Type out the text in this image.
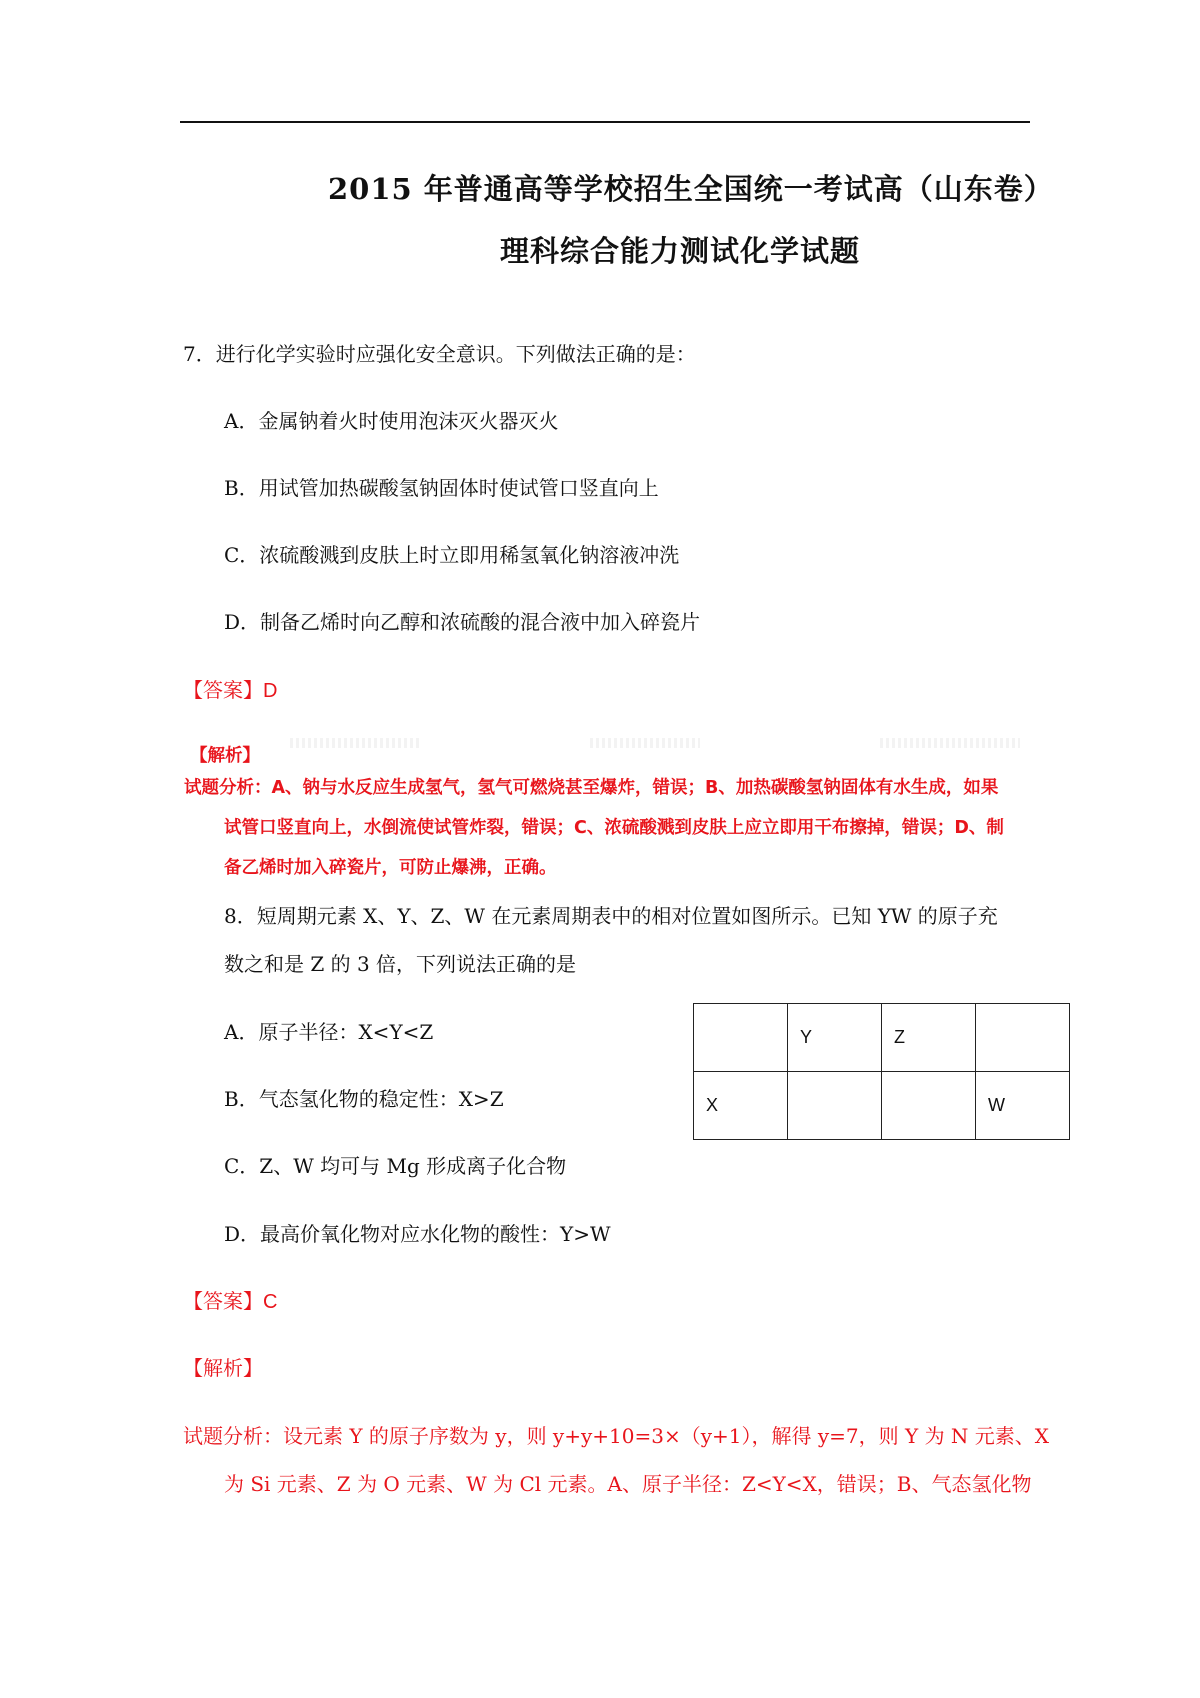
2015 年普通高等学校招生全国统一考试高（山东卷）
理科综合能力测试化学试题
7．进行化学实验时应强化安全意识。下列做法正确的是：
A．金属钠着火时使用泡沫灭火器灭火
B．用试管加热碳酸氢钠固体时使试管口竖直向上
C．浓硫酸溅到皮肤上时立即用稀氢氧化钠溶液冲洗
D．制备乙烯时向乙醇和浓硫酸的混合液中加入碎瓷片
【答案】D
【解析】
试题分析：A、钠与水反应生成氢气，氢气可燃烧甚至爆炸，错误；B、加热碳酸氢钠固体有水生成，如果
试管口竖直向上，水倒流使试管炸裂，错误；C、浓硫酸溅到皮肤上应立即用干布擦掉，错误；D、制
备乙烯时加入碎瓷片，可防止爆沸，正确。
8．短周期元素 X、Y、Z、W 在元素周期表中的相对位置如图所示。已知 YW 的原子充
数之和是 Z 的 3 倍，下列说法正确的是
A．原子半径：X<Y<Z
B．气态氢化物的稳定性：X>Z
C．Z、W 均可与 Mg 形成离子化合物
D．最高价氧化物对应水化物的酸性：Y>W
	Y	Z	
X			W
【答案】C
【解析】
试题分析：设元素 Y 的原子序数为 y，则 y+y+10=3×（y+1），解得 y=7，则 Y 为 N 元素、X
为 Si 元素、Z 为 O 元素、W 为 Cl 元素。A、原子半径：Z<Y<X，错误；B、气态氢化物
